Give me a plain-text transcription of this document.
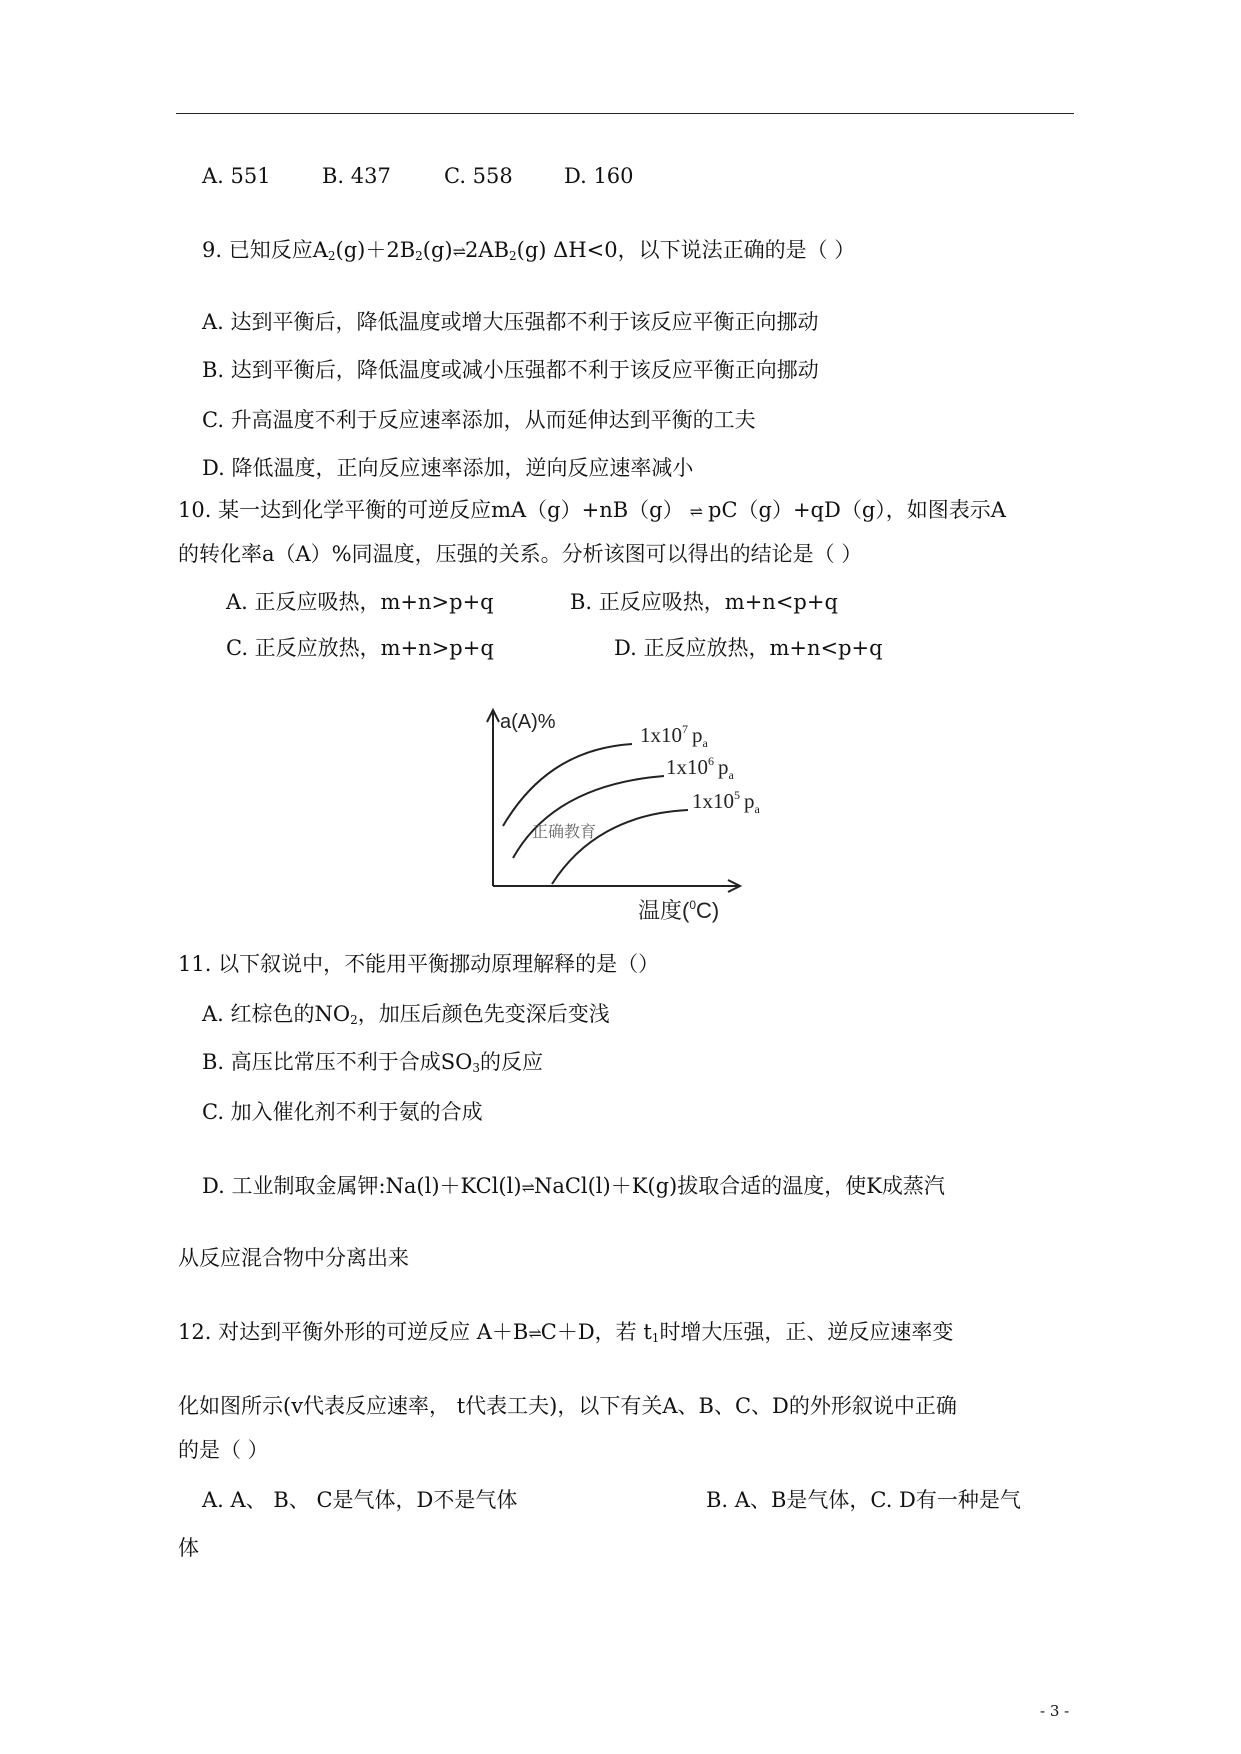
A. 551 B. 437	C. 558 D. 160
9. 已知反应$A_2(g)+2B_2(g)\rightleftharpoons 2AB_2(g)$ ΔH<0，以下说法正确的是（ ）
A. 达到平衡后，降低温度或增大压强都不利于该反应平衡正向挪动
B. 达到平衡后，降低温度或减小压强都不利于该反应平衡正向挪动
C. 升高温度不利于反应速率添加，从而延伸达到平衡的工夫
D. 降低温度，正向反应速率添加，逆向反应速率减小
10. 某一达到化学平衡的可逆反应mA（g）+nB（g） ⇌ pC（g）+qD（g），如图表示A
的转化率a（A）%同温度，压强的关系。分析该图可以得出的结论是（ ）
A. 正反应吸热，m+n>p+q	B. 正反应吸热，m+n<p+q
C. 正反应放热，m+n>p+q	D. 正反应放热，m+n<p+q
a(A)%
温度($^0$C)
正确教育
$1x10^7$ $p_a$
$1x10^6$ $p_a$
$1x10^5$ $p_a$
11. 以下叙说中，不能用平衡挪动原理解释的是（）
A. 红棕色的$NO_2$，加压后颜色先变深后变浅
B. 高压比常压不利于合成$SO_3$的反应
C. 加入催化剂不利于氨的合成
D. 工业制取金属钾:Na(l)＋KCl(l)⇌NaCl(l)＋K(g)拔取合适的温度，使K成蒸汽
从反应混合物中分离出来
12. 对达到平衡外形的可逆反应 A＋B⇌C＋D，若 $t_1$时增大压强，正、逆反应速率变
化如图所示(v代表反应速率， t代表工夫)，以下有关A、B、C、D的外形叙说中正确
的是（ ）
A. A、 B、 C是气体，D不是气体	B. A、B是气体，C. D有一种是气
体
- 3 -
